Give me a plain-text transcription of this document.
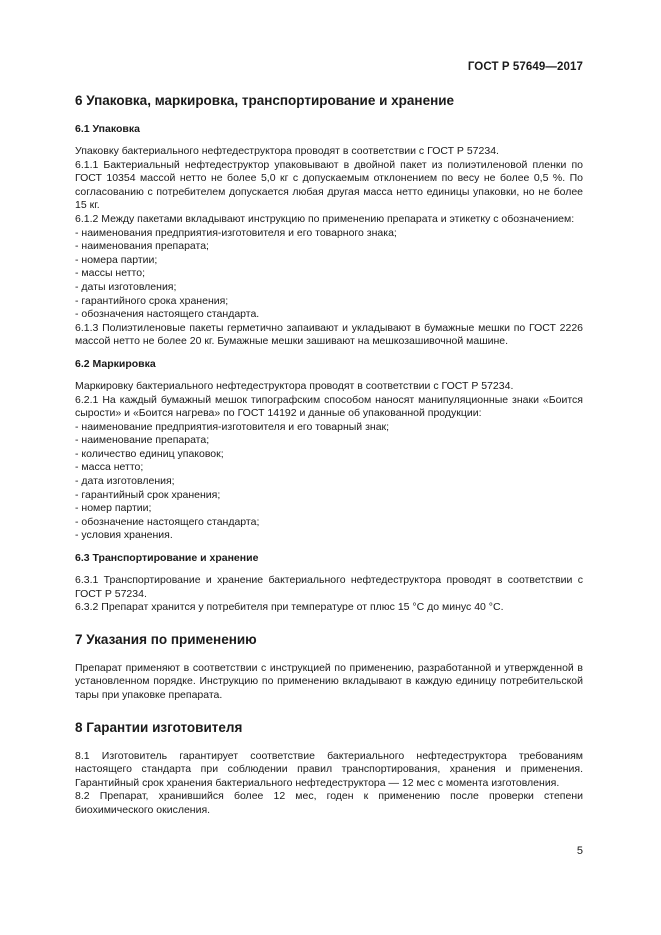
ГОСТ Р 57649—2017
6 Упаковка, маркировка, транспортирование и хранение
6.1 Упаковка
Упаковку бактериального нефтедеструктора проводят в соответствии с ГОСТ Р 57234.
6.1.1 Бактериальный нефтедеструктор упаковывают в двойной пакет из полиэтиленовой пленки по ГОСТ 10354 массой нетто не более 5,0 кг с допускаемым отклонением по весу не более 0,5 %. По согласованию с потребителем допускается любая другая масса нетто единицы упаковки, но не более 15 кг.
6.1.2 Между пакетами вкладывают инструкцию по применению препарата и этикетку с обозначением:
- наименования предприятия-изготовителя и его товарного знака;
- наименования препарата;
- номера партии;
- массы нетто;
- даты изготовления;
- гарантийного срока хранения;
- обозначения настоящего стандарта.
6.1.3 Полиэтиленовые пакеты герметично запаивают и укладывают в бумажные мешки по ГОСТ 2226 массой нетто не более 20 кг. Бумажные мешки зашивают на мешкозашивочной машине.
6.2 Маркировка
Маркировку бактериального нефтедеструктора проводят в соответствии с ГОСТ Р 57234.
6.2.1 На каждый бумажный мешок типографским способом наносят манипуляционные знаки «Боится сырости» и «Боится нагрева» по ГОСТ 14192 и данные об упакованной продукции:
- наименование предприятия-изготовителя и его товарный знак;
- наименование препарата;
- количество единиц упаковок;
- масса нетто;
- дата изготовления;
- гарантийный срок хранения;
- номер партии;
- обозначение настоящего стандарта;
- условия хранения.
6.3 Транспортирование и хранение
6.3.1 Транспортирование и хранение бактериального нефтедеструктора проводят в соответствии с ГОСТ Р 57234.
6.3.2 Препарат хранится у потребителя при температуре от плюс 15 °С до минус 40 °С.
7 Указания по применению
Препарат применяют в соответствии с инструкцией по применению, разработанной и утвержденной в установленном порядке. Инструкцию по применению вкладывают в каждую единицу потребительской тары при упаковке препарата.
8 Гарантии изготовителя
8.1 Изготовитель гарантирует соответствие бактериального нефтедеструктора требованиям настоящего стандарта при соблюдении правил транспортирования, хранения и применения. Гарантийный срок хранения бактериального нефтедеструктора — 12 мес с момента изготовления.
8.2 Препарат, хранившийся более 12 мес, годен к применению после проверки степени биохимического окисления.
5
